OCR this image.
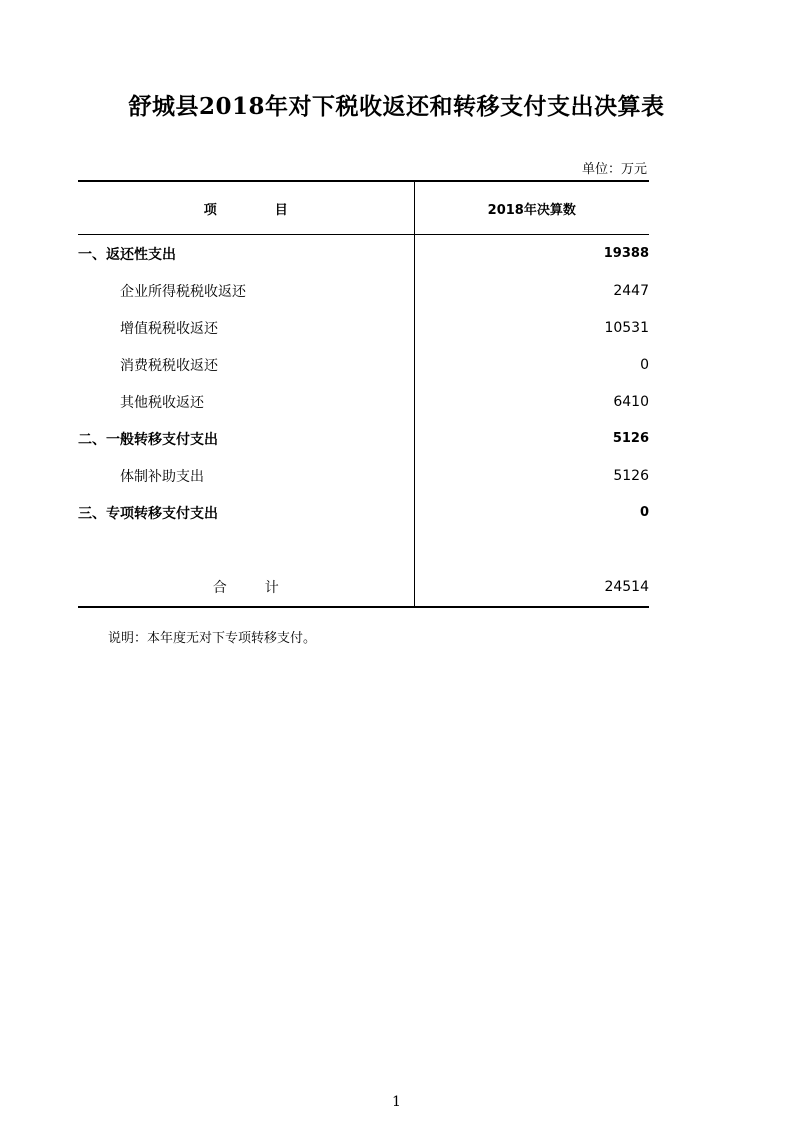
舒城县2018年对下税收返还和转移支付支出决算表
单位：万元
项 目	2018年决算数
一、返还性支出	19388
企业所得税税收返还	2447
增值税税收返还	10531
消费税税收返还	0
其他税收返还	6410
二、一般转移支付支出	5126
体制补助支出	5126
三、专项转移支付支出	0

合 计	24514
说明：本年度无对下专项转移支付。
1
